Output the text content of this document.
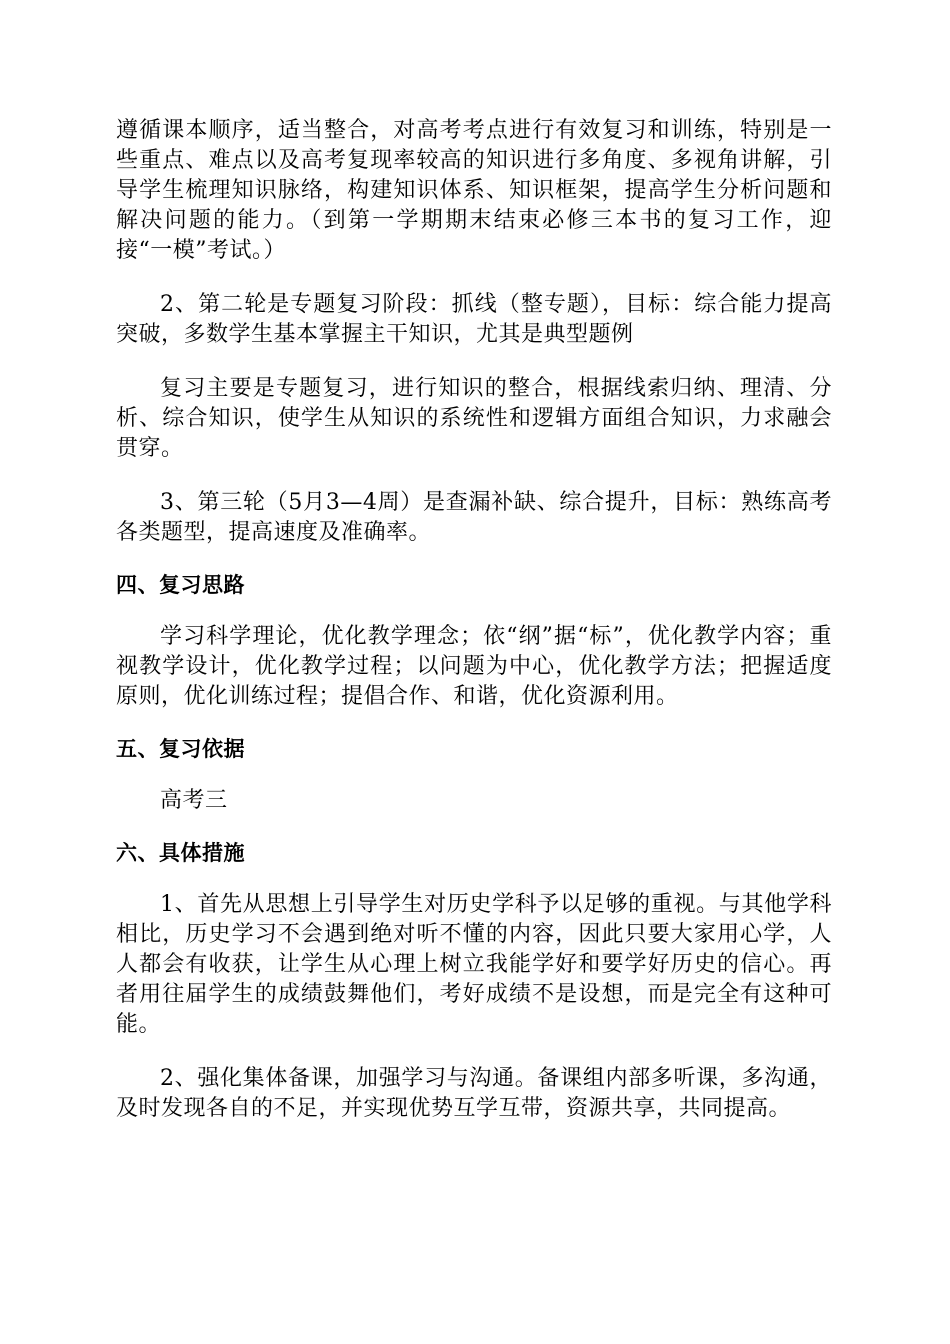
遵循课本顺序，适当整合，对高考考点进行有效复习和训练，特别是一些重点、难点以及高考复现率较高的知识进行多角度、多视角讲解，引导学生梳理知识脉络，构建知识体系、知识框架，提高学生分析问题和解决问题的能力。（到第一学期期末结束必修三本书的复习工作，迎接“一模”考试。）

2、第二轮是专题复习阶段：抓线（整专题），目标：综合能力提高突破，多数学生基本掌握主干知识，尤其是典型题例

复习主要是专题复习，进行知识的整合，根据线索归纳、理清、分析、综合知识，使学生从知识的系统性和逻辑方面组合知识，力求融会贯穿。

3、第三轮（5月3—4周）是查漏补缺、综合提升，目标：熟练高考各类题型，提高速度及准确率。

四、复习思路

学习科学理论，优化教学理念；依“纲”据“标”，优化教学内容；重视教学设计，优化教学过程；以问题为中心，优化教学方法；把握适度原则，优化训练过程；提倡合作、和谐，优化资源利用。

五、复习依据

高考三

六、具体措施

1、首先从思想上引导学生对历史学科予以足够的重视。与其他学科相比，历史学习不会遇到绝对听不懂的内容，因此只要大家用心学，人人都会有收获，让学生从心理上树立我能学好和要学好历史的信心。再者用往届学生的成绩鼓舞他们，考好成绩不是设想，而是完全有这种可能。

2、强化集体备课，加强学习与沟通。备课组内部多听课，多沟通，及时发现各自的不足，并实现优势互学互带，资源共享，共同提高。
